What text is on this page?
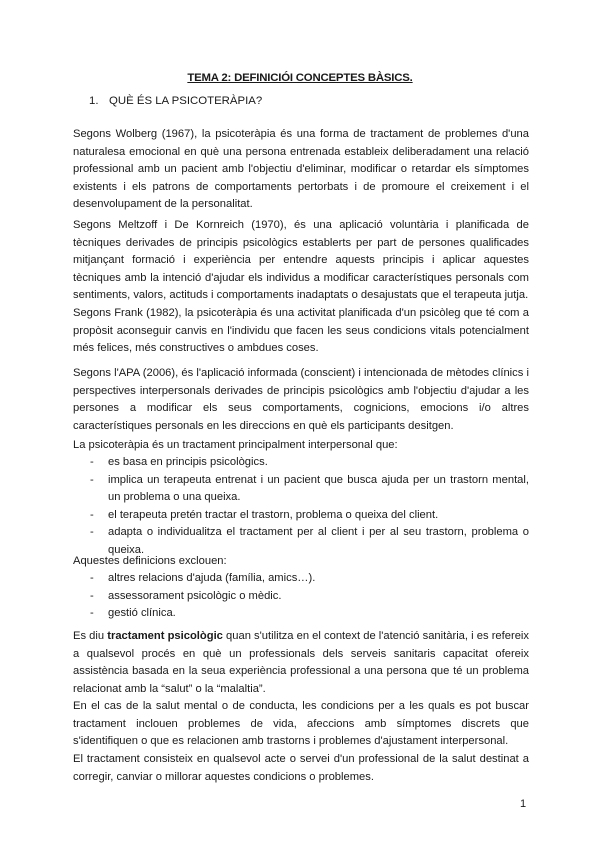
TEMA 2: DEFINICIÓI CONCEPTES BÀSICS.
1. QUÈ ÉS LA PSICOTERÀPIA?

Segons Wolberg (1967), la psicoteràpia és una forma de tractament de problemes d'una naturalesa emocional en què una persona entrenada estableix deliberadament una relació professional amb un pacient amb l'objectiu d'eliminar, modificar o retardar els símptomes existents i els patrons de comportaments pertorbats i de promoure el creixement i el desenvolupament de la personalitat.

Segons Meltzoff i De Kornreich (1970), és una aplicació voluntària i planificada de tècniques derivades de principis psicològics establerts per part de persones qualificades mitjançant formació i experiència per entendre aquests principis i aplicar aquestes tècniques amb la intenció d'ajudar els individus a modificar característiques personals com sentiments, valors, actituds i comportaments inadaptats o desajustats que el terapeuta jutja.

Segons Frank (1982), la psicoteràpia és una activitat planificada d'un psicòleg que té com a propòsit aconseguir canvis en l'individu que facen les seus condicions vitals potencialment més felices, més constructives o ambdues coses.

Segons l'APA (2006), és l'aplicació informada (conscient) i intencionada de mètodes clínics i perspectives interpersonals derivades de principis psicològics amb l'objectiu d'ajudar a les persones a modificar els seus comportaments, cognicions, emocions i/o altres característiques personals en les direccions en què els participants desitgen.

La psicoteràpia és un tractament principalment interpersonal que:

- es basa en principis psicològics.
- implica un terapeuta entrenat i un pacient que busca ajuda per un trastorn mental, un problema o una queixa.
- el terapeuta pretén tractar el trastorn, problema o queixa del client.
- adapta o individualitza el tractament per al client i per al seu trastorn, problema o queixa.

Aquestes definicions exclouen:

- altres relacions d'ajuda (família, amics…).
- assessorament psicològic o mèdic.
- gestió clínica.

Es diu tractament psicològic quan s'utilitza en el context de l'atenció sanitària, i es refereix a qualsevol procés en què un professionals dels serveis sanitaris capacitat ofereix assistència basada en la seua experiència professional a una persona que té un problema relacionat amb la “salut” o la “malaltia”.

En el cas de la salut mental o de conducta, les condicions per a les quals es pot buscar tractament inclouen problemes de vida, afeccions amb símptomes discrets que s'identifiquen o que es relacionen amb trastorns i problemes d'ajustament interpersonal.

El tractament consisteix en qualsevol acte o servei d'un professional de la salut destinat a corregir, canviar o millorar aquestes condicions o problemes.

1
